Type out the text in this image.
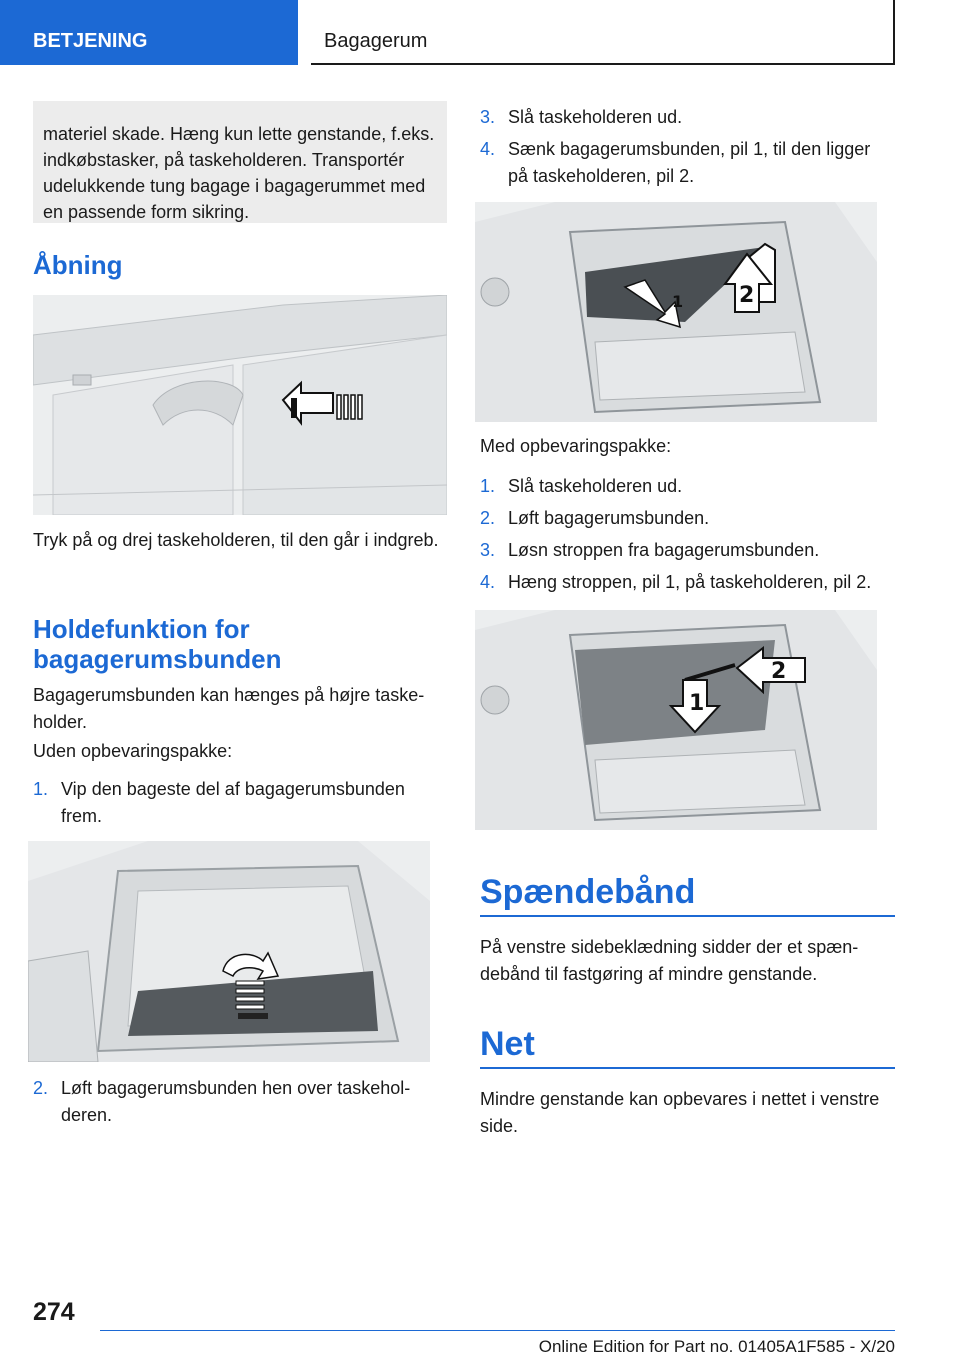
BETJENING	Bagagerum

materiel skade. Hæng kun lette genstande, f.eks. indkøbstasker, på taskeholderen. Transportér udelukkende tung bagage i bagagerummet med en passende form sikring.

Åbning

Tryk på og drej taskeholderen, til den går i indgreb.

Holdefunktion for
bagagerumsbunden

Bagagerumsbunden kan hænges på højre taskeholder.

Uden opbevaringspakke:

1. Vip den bageste del af bagagerumsbunden frem.
2. Løft bagagerumsbunden hen over taskeholderen.
3. Slå taskeholderen ud.
4. Sænk bagagerumsbunden, pil 1, til den ligger på taskeholderen, pil 2.
1	2

Med opbevaringspakke:

1. Slå taskeholderen ud.
2. Løft bagagerumsbunden.
3. Løsn stroppen fra bagagerumsbunden.
4. Hæng stroppen, pil 1, på taskeholderen, pil 2.
1
2
Spændebånd

På venstre sidebeklædning sidder der et spændebånd til fastgøring af mindre genstande.

Net

Mindre genstande kan opbevares i nettet i venstre side.

274
Online Edition for Part no. 01405A1F585 - X/20
